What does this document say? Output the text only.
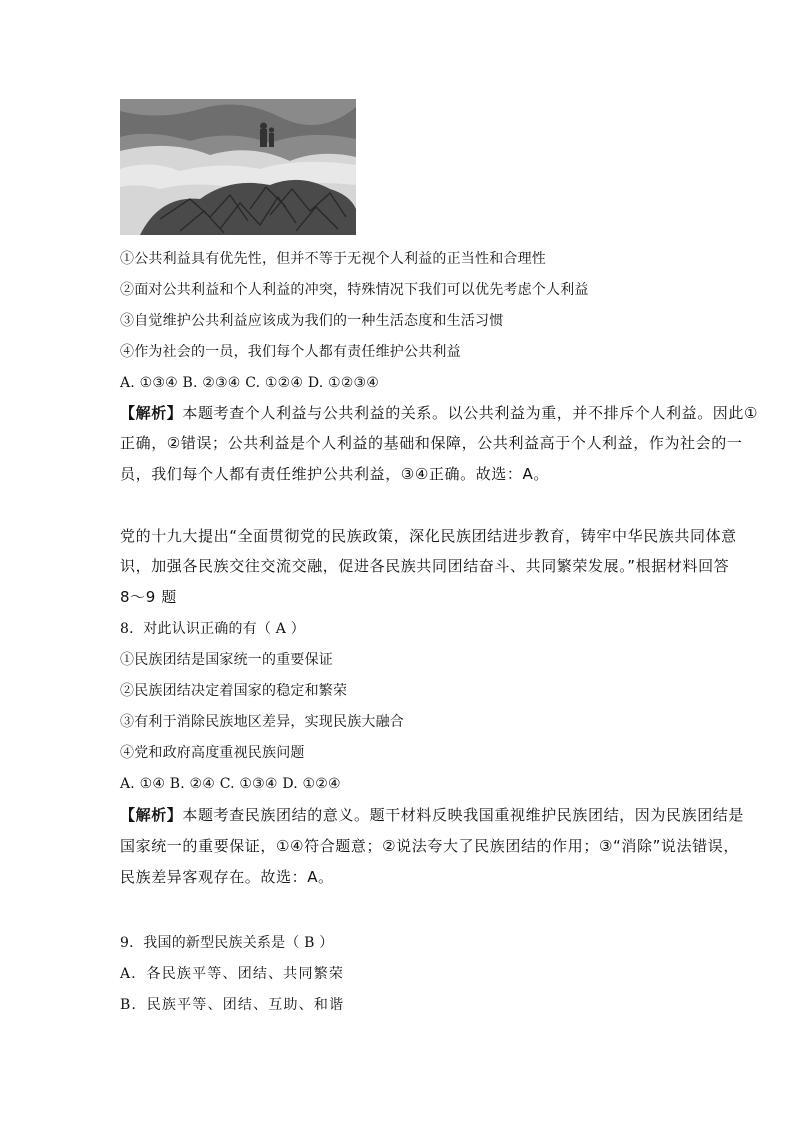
①公共利益具有优先性，但并不等于无视个人利益的正当性和合理性
②面对公共利益和个人利益的冲突，特殊情况下我们可以优先考虑个人利益
③自觉维护公共利益应该成为我们的一种生活态度和生活习惯
④作为社会的一员，我们每个人都有责任维护公共利益
A. ①③④ B. ②③④ C. ①②④ D. ①②③④
【解析】本题考查个人利益与公共利益的关系。以公共利益为重，并不排斥个人利益。因此①
正确，②错误；公共利益是个人利益的基础和保障，公共利益高于个人利益，作为社会的一
员，我们每个人都有责任维护公共利益，③④正确。故选：A。
党的十九大提出“全面贯彻党的民族政策，深化民族团结进步教育，铸牢中华民族共同体意
识，加强各民族交往交流交融，促进各民族共同团结奋斗、共同繁荣发展。”根据材料回答
8～9 题
8．对此认识正确的有（ A ）
①民族团结是国家统一的重要保证
②民族团结决定着国家的稳定和繁荣
③有利于消除民族地区差异，实现民族大融合
④党和政府高度重视民族问题
A. ①④ B. ②④ C. ①③④ D. ①②④
【解析】本题考查民族团结的意义。题干材料反映我国重视维护民族团结，因为民族团结是
国家统一的重要保证，①④符合题意；②说法夸大了民族团结的作用；③“消除”说法错误，
民族差异客观存在。故选：A。
9．我国的新型民族关系是（ B ）
A．各民族平等、团结、共同繁荣
B．民族平等、团结、互助、和谐
